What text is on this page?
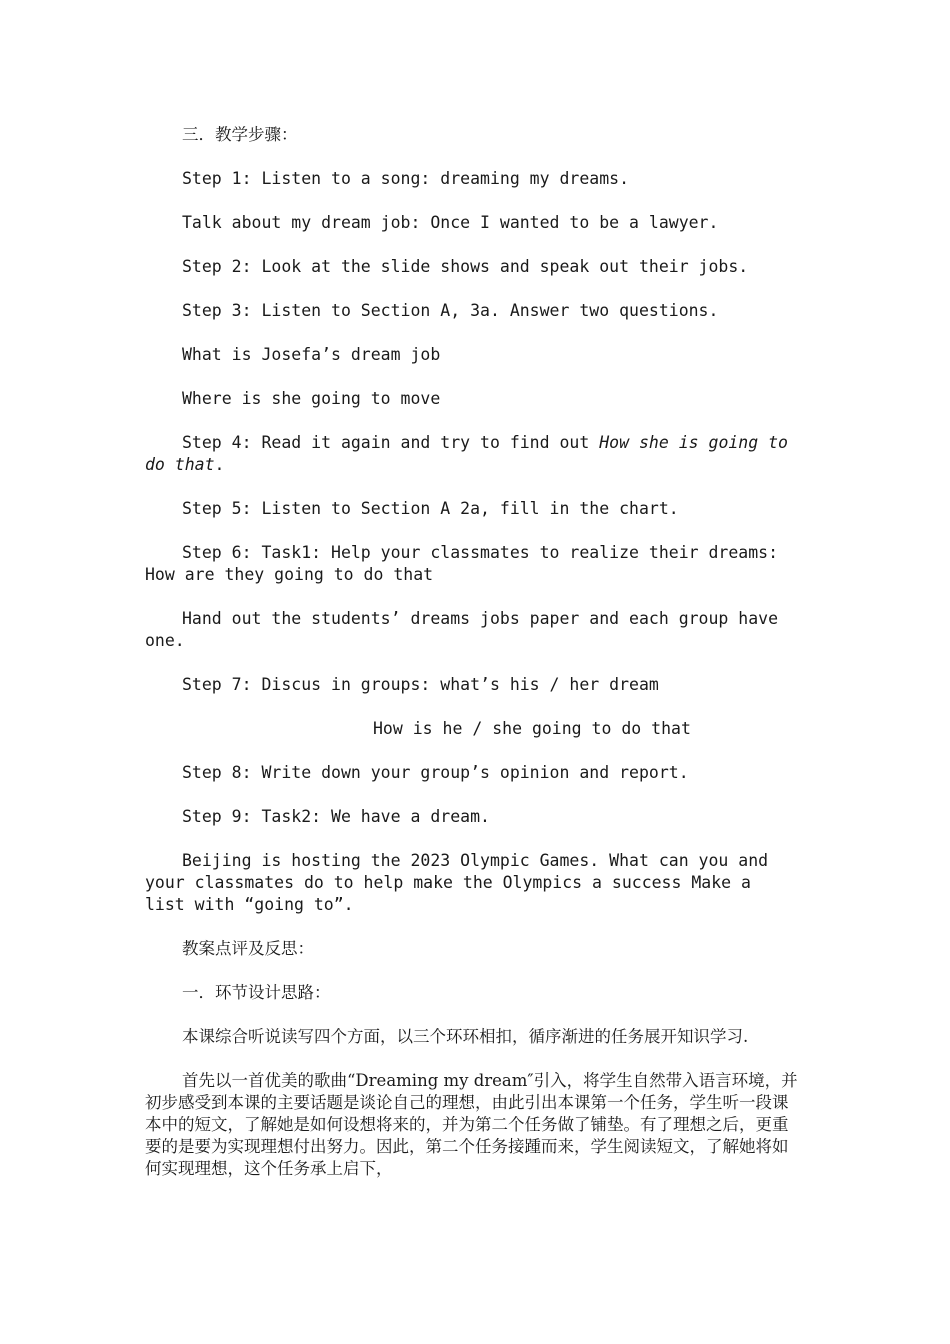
三．教学步骤：

Step 1: Listen to a song: dreaming my dreams.

Talk about my dream job: Once I wanted to be a lawyer.

Step 2: Look at the slide shows and speak out their jobs.

Step 3: Listen to Section A, 3a. Answer two questions.

What is Josefa’s dream job

Where is she going to move

Step 4: Read it again and try to find out How she is going to do that.

Step 5: Listen to Section A 2a, fill in the chart.

Step 6: Task1: Help your classmates to realize their dreams: How are they going to do that

Hand out the students’ dreams jobs paper and each group have one.

Step 7: Discus in groups: what’s his / her dream

How is he / she going to do that

Step 8: Write down your group’s opinion and report.

Step 9: Task2: We have a dream.

Beijing is hosting the 2023 Olympic Games. What can you and your classmates do to help make the Olympics a success Make a list with “going to”.

教案点评及反思：

一．环节设计思路：

本课综合听说读写四个方面，以三个环环相扣，循序渐进的任务展开知识学习.

首先以一首优美的歌曲“Dreaming my dream″引入，将学生自然带入语言环境，并初步感受到本课的主要话题是谈论自己的理想，由此引出本课第一个任务，学生听一段课本中的短文，了解她是如何设想将来的，并为第二个任务做了铺垫。有了理想之后，更重要的是要为实现理想付出努力。因此，第二个任务接踵而来，学生阅读短文，了解她将如何实现理想，这个任务承上启下，
